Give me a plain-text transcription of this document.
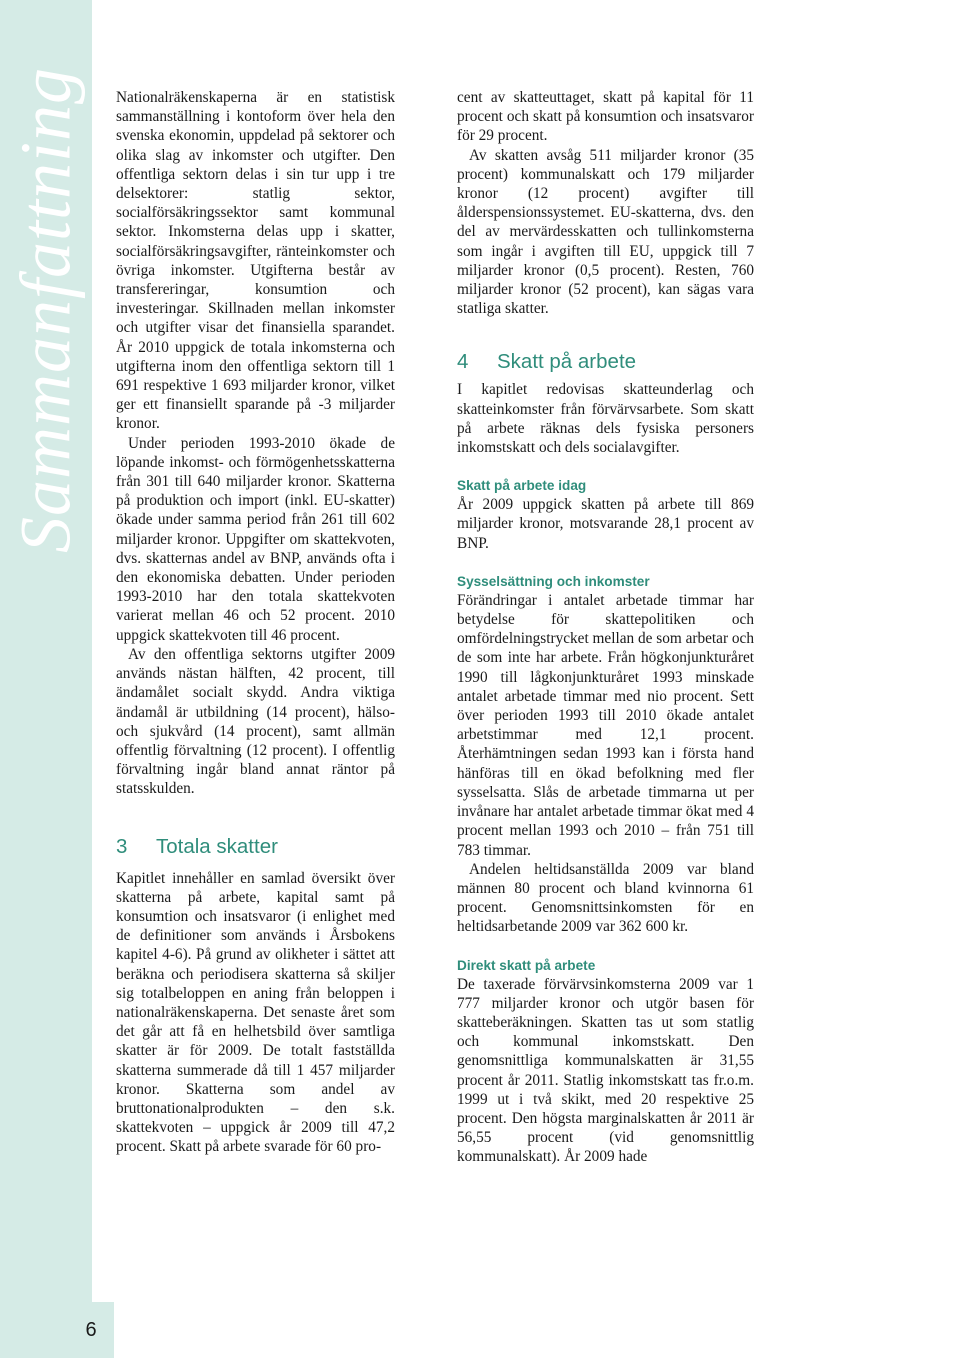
Sammanfattning
6

Nationalräkenskaperna är en statistisk sammanställning i kontoform över hela den svenska ekonomin, uppdelad på sektorer och olika slag av inkomster och utgifter. Den offentliga sektorn delas i sin tur upp i tre delsektorer: statlig sektor, socialförsäkringssektor samt kommunal sektor. Inkomsterna delas upp i skatter, socialförsäkringsavgifter, ränteinkomster och övriga inkomster. Utgifterna består av transfereringar, konsumtion och investeringar. Skillnaden mellan inkomster och utgifter visar det finansiella sparandet. År 2010 uppgick de totala inkomsterna och utgifterna inom den offentliga sektorn till 1 691 respektive 1 693 miljarder kronor, vilket ger ett finansiellt sparande på -3 miljarder kronor.

Under perioden 1993-2010 ökade de löpande inkomst- och förmögenhetsskatterna från 301 till 640 miljarder kronor. Skatterna på produktion och import (inkl. EU-skatter) ökade under samma period från 261 till 602 miljarder kronor. Uppgifter om skattekvoten, dvs. skatternas andel av BNP, används ofta i den ekonomiska debatten. Under perioden 1993-2010 har den totala skattekvoten varierat mellan 46 och 52 procent. 2010 uppgick skattekvoten till 46 procent.

Av den offentliga sektorns utgifter 2009 används nästan hälften, 42 procent, till ändamålet socialt skydd. Andra viktiga ändamål är utbildning (14 procent), hälso- och sjukvård (14 procent), samt allmän offentlig förvaltning (12 procent). I offentlig förvaltning ingår bland annat räntor på statsskulden.

3	Totala skatter

Kapitlet innehåller en samlad översikt över skatterna på arbete, kapital samt på konsumtion och insatsvaror (i enlighet med de definitioner som används i Årsbokens kapitel 4-6). På grund av olikheter i sättet att beräkna och periodisera skatterna så skiljer sig totalbeloppen en aning från beloppen i nationalräkenskaperna. Det senaste året som det går att få en helhetsbild över samtliga skatter är för 2009. De totalt fastställda skatterna summerade då till 1 457 miljarder kronor. Skatterna som andel av bruttonationalprodukten – den s.k. skattekvoten – uppgick år 2009 till 47,2 procent. Skatt på arbete svarade för 60 pro-

cent av skatteuttaget, skatt på kapital för 11 procent och skatt på konsumtion och insatsvaror för 29 procent.

Av skatten avsåg 511 miljarder kronor (35 procent) kommunalskatt och 179 miljarder kronor (12 procent) avgifter till ålderspensionssystemet. EU-skatterna, dvs. den del av mervärdesskatten och tullinkomsterna som ingår i avgiften till EU, uppgick till 7 miljarder kronor (0,5 procent). Resten, 760 miljarder kronor (52 procent), kan sägas vara statliga skatter.

4	Skatt på arbete

I kapitlet redovisas skatteunderlag och skatteinkomster från förvärvsarbete. Som skatt på arbete räknas dels fysiska personers inkomstskatt och dels socialavgifter.

Skatt på arbete idag

År 2009 uppgick skatten på arbete till 869 miljarder kronor, motsvarande 28,1 procent av BNP.

Sysselsättning och inkomster

Förändringar i antalet arbetade timmar har betydelse för skattepolitiken och omfördelningstrycket mellan de som arbetar och de som inte har arbete. Från högkonjunkturåret 1990 till lågkonjunkturåret 1993 minskade antalet arbetade timmar med nio procent. Sett över perioden 1993 till 2010 ökade antalet arbetstimmar med 12,1 procent. Återhämtningen sedan 1993 kan i första hand hänföras till en ökad befolkning med fler sysselsatta. Slås de arbetade timmarna ut per invånare har antalet arbetade timmar ökat med 4 procent mellan 1993 och 2010 – från 751 till 783 timmar.

Andelen heltidsanställda 2009 var bland männen 80 procent och bland kvinnorna 61 procent. Genomsnittsinkomsten för en heltidsarbetande 2009 var 362 600 kr.

Direkt skatt på arbete

De taxerade förvärvsinkomsterna 2009 var 1 777 miljarder kronor och utgör basen för skatteberäkningen. Skatten tas ut som statlig och kommunal inkomstskatt. Den genomsnittliga kommunalskatten är 31,55 procent år 2011. Statlig inkomstskatt tas fr.o.m. 1999 ut i två skikt, med 20 respektive 25 procent. Den högsta marginalskatten år 2011 är 56,55 procent (vid genomsnittlig kommunalskatt). År 2009 hade
